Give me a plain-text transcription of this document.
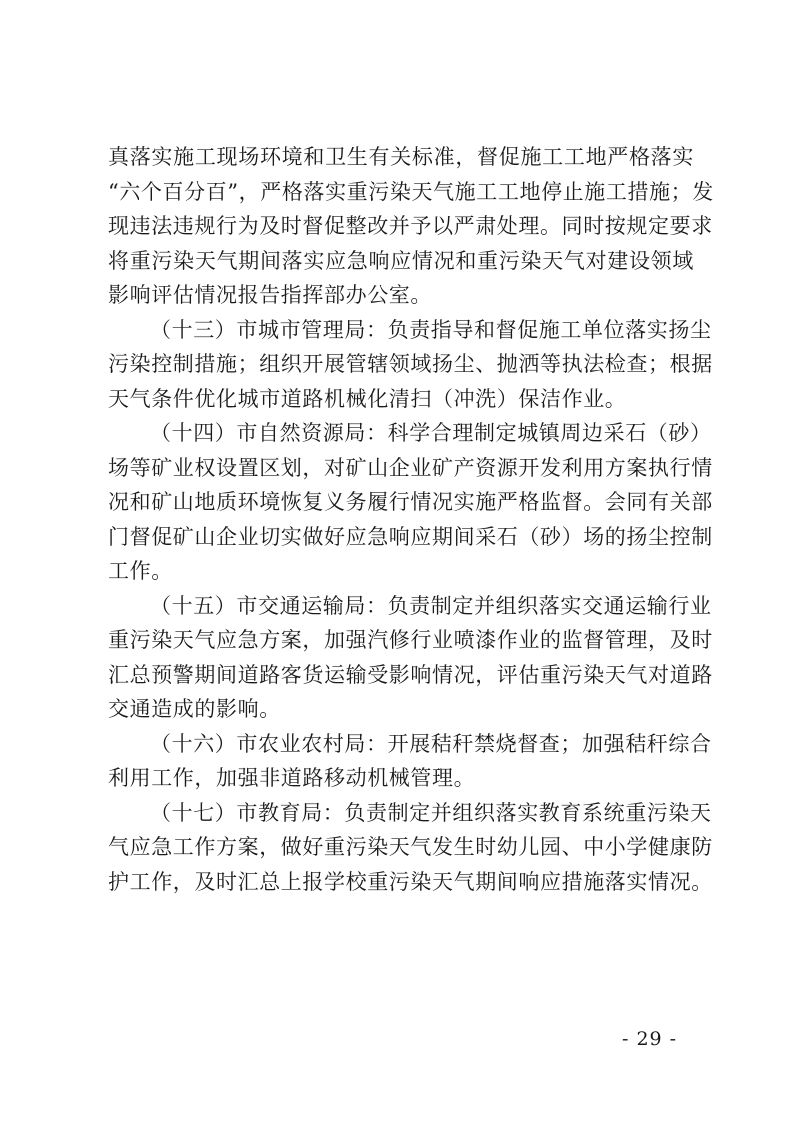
真落实施工现场环境和卫生有关标准，督促施工工地严格落实
“六个百分百”，严格落实重污染天气施工工地停止施工措施；发
现违法违规行为及时督促整改并予以严肃处理。同时按规定要求
将重污染天气期间落实应急响应情况和重污染天气对建设领域
影响评估情况报告指挥部办公室。

（十三）市城市管理局：负责指导和督促施工单位落实扬尘
污染控制措施；组织开展管辖领域扬尘、抛洒等执法检查；根据
天气条件优化城市道路机械化清扫（冲洗）保洁作业。

（十四）市自然资源局：科学合理制定城镇周边采石（砂）
场等矿业权设置区划，对矿山企业矿产资源开发利用方案执行情
况和矿山地质环境恢复义务履行情况实施严格监督。会同有关部
门督促矿山企业切实做好应急响应期间采石（砂）场的扬尘控制
工作。

（十五）市交通运输局：负责制定并组织落实交通运输行业
重污染天气应急方案，加强汽修行业喷漆作业的监督管理，及时
汇总预警期间道路客货运输受影响情况，评估重污染天气对道路
交通造成的影响。

（十六）市农业农村局：开展秸秆禁烧督查；加强秸秆综合
利用工作，加强非道路移动机械管理。

（十七）市教育局：负责制定并组织落实教育系统重污染天
气应急工作方案，做好重污染天气发生时幼儿园、中小学健康防
护工作，及时汇总上报学校重污染天气期间响应措施落实情况。

- 29 -
